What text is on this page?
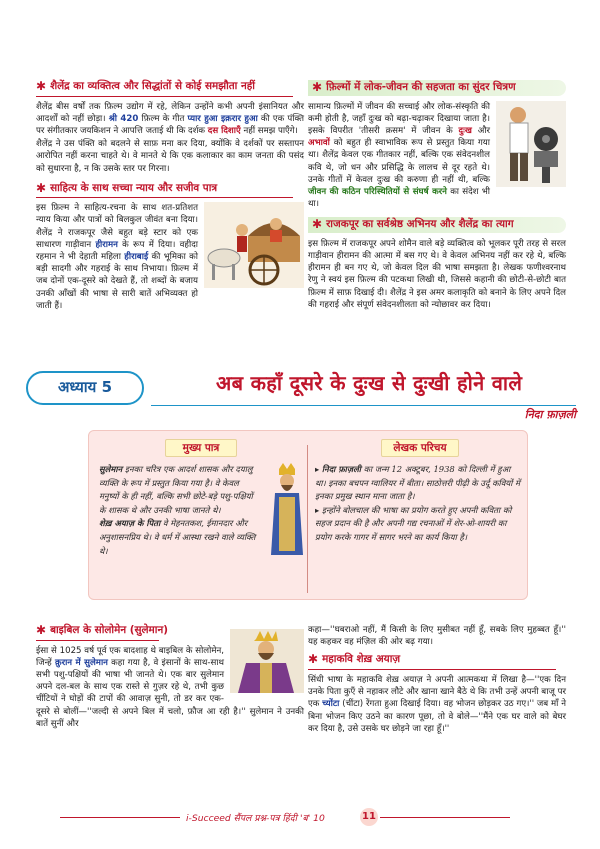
✱ शैलेंद्र का व्यक्तित्व और सिद्धांतों से कोई समझौता नहीं

शैलेंद्र बीस वर्षों तक फ़िल्म उद्योग में रहे, लेकिन उन्होंने कभी अपनी इंसानियत और आदर्शों को नहीं छोड़ा। श्री 420 फ़िल्म के गीत प्यार हुआ इक़रार हुआ की एक पंक्ति पर संगीतकार जयकिशन ने आपत्ति जताई थी कि दर्शक दस दिशाएँ नहीं समझ पाएँगे।

शैलेंद्र ने उस पंक्ति को बदलने से साफ़ मना कर दिया, क्योंकि वे दर्शकों पर सस्तापन आरोपित नहीं करना चाहते थे। वे मानते थे कि एक कलाकार का काम जनता की पसंद को सुधारना है, न कि उसके स्तर पर गिरना।

✱ साहित्य के साथ सच्चा न्याय और सजीव पात्र

इस फ़िल्म ने साहित्य-रचना के साथ शत-प्रतिशत न्याय किया और पात्रों को बिलकुल जीवंत बना दिया। शैलेंद्र ने राजकपूर जैसे बहुत बड़े स्टार को एक साधारण गाड़ीवान हीरामन के रूप में दिया। वहीदा रहमान ने भी देहाती महिला हीराबाई की भूमिका को बड़ी सादगी और गहराई के साथ निभाया। फ़िल्म में जब दोनों एक-दूसरे को देखते हैं, तो शब्दों के बजाय उनकी आँखों की भाषा से सारी बातें अभिव्यक्त हो जाती हैं।

✱ फ़िल्मों में लोक-जीवन की सहजता का सुंदर चित्रण

सामान्य फ़िल्मों में जीवन की सच्चाई और लोक-संस्कृति की कमी होती है, जहाँ दुःख को बढ़ा-चढ़ाकर दिखाया जाता है। इसके विपरीत 'तीसरी क़सम' में जीवन के दुःख और अभावों को बहुत ही स्वाभाविक रूप से प्रस्तुत किया गया था। शैलेंद्र केवल एक गीतकार नहीं, बल्कि एक संवेदनशील कवि थे, जो धन और प्रसिद्धि के लालच से दूर रहते थे। उनके गीतों में केवल दुःख की करुणा ही नहीं थी, बल्कि जीवन की कठिन परिस्थितियों से संघर्ष करने का संदेश भी था।

✱ राजकपूर का सर्वश्रेष्ठ अभिनय और शैलेंद्र का त्याग

इस फ़िल्म में राजकपूर अपने शोमैन वाले बड़े व्यक्तित्व को भूलकर पूरी तरह से सरल गाड़ीवान हीरामन की आत्मा में बस गए थे। वे केवल अभिनय नहीं कर रहे थे, बल्कि हीरामन ही बन गए थे, जो केवल दिल की भाषा समझता है। लेखक फणीश्वरनाथ रेणु ने स्वयं इस फ़िल्म की पटकथा लिखी थी, जिससे कहानी की छोटी-से-छोटी बात फ़िल्म में साफ़ दिखाई दी। शैलेंद्र ने इस अमर कलाकृति को बनाने के लिए अपने दिल की गहराई और संपूर्ण संवेदनशीलता को न्योछावर कर दिया।

अध्याय 5	अब कहाँ दूसरे के दुःख से दुःखी होने वाले
निदा फ़ाज़ली
मुख्य पात्र	लेखक परिचय

सुलेमान इनका चरित्र एक आदर्श शासक और दयालु व्यक्ति के रूप में प्रस्तुत किया गया है। वे केवल मनुष्यों के ही नहीं, बल्कि सभी छोटे-बड़े पशु-पक्षियों के शासक थे और उनकी भाषा जानते थे।

शेख़ अयाज़ के पिता वे मेहनतकश, ईमानदार और अनुशासनप्रिय थे। वे धर्म में आस्था रखने वाले व्यक्ति थे।

▸ निदा फ़ाज़ली का जन्म 12 अक्टूबर, 1938 को दिल्ली में हुआ था। इनका बचपन ग्वालियर में बीता। साठोत्तरी पीढ़ी के उर्दू कवियों में इनका प्रमुख स्थान माना जाता है।

▸ इन्होंने बोलचाल की भाषा का प्रयोग करते हुए अपनी कविता को सहज प्रदान की है और अपनी गद्य रचनाओं में शेर-ओ-शायरी का प्रयोग करके गागर में सागर भरने का कार्य किया है।

✱ बाइबिल के सोलोमेन (सुलेमान)

ईसा से 1025 वर्ष पूर्व एक बादशाह थे बाइबिल के सोलोमेन, जिन्हें क़ुरान में सुलेमान कहा गया है, वे इंसानों के साथ-साथ सभी पशु-पक्षियों की भाषा भी जानते थे। एक बार सुलेमान अपने दल-बल के साथ एक रास्ते से गुज़र रहे थे, तभी कुछ चींटियों ने घोड़ों की टापों की आवाज़ सुनी, तो डर कर एक-दूसरे से बोलीं—''जल्दी से अपने बिल में चलो, फ़ौज आ रही है।'' सुलेमान ने उनकी बातें सुनीं और

कहा—''घबराओ नहीं, मैं किसी के लिए मुसीबत नहीं हूँ, सबके लिए मुहब्बत हूँ।'' यह कहकर वह मंज़िल की ओर बढ़ गया।

✱ महाकवि शेख़ अयाज़

सिंधी भाषा के महाकवि शेख़ अयाज़ ने अपनी आत्मकथा में लिखा है—''एक दिन उनके पिता कुएँ से नहाकर लौटे और खाना खाने बैठे थे कि तभी उन्हें अपनी बाजू पर एक च्योंटा (चींटा) रेंगता हुआ दिखाई दिया। वह भोजन छोड़कर उठ गए।'' जब माँ ने बिना भोजन किए उठने का कारण पूछा, तो वे बोले—''मैंने एक घर वाले को बेघर कर दिया है, उसे उसके घर छोड़ने जा रहा हूँ।''

i-Succeed सैंपल प्रश्न-पत्र हिंदी 'ब' 10	11
